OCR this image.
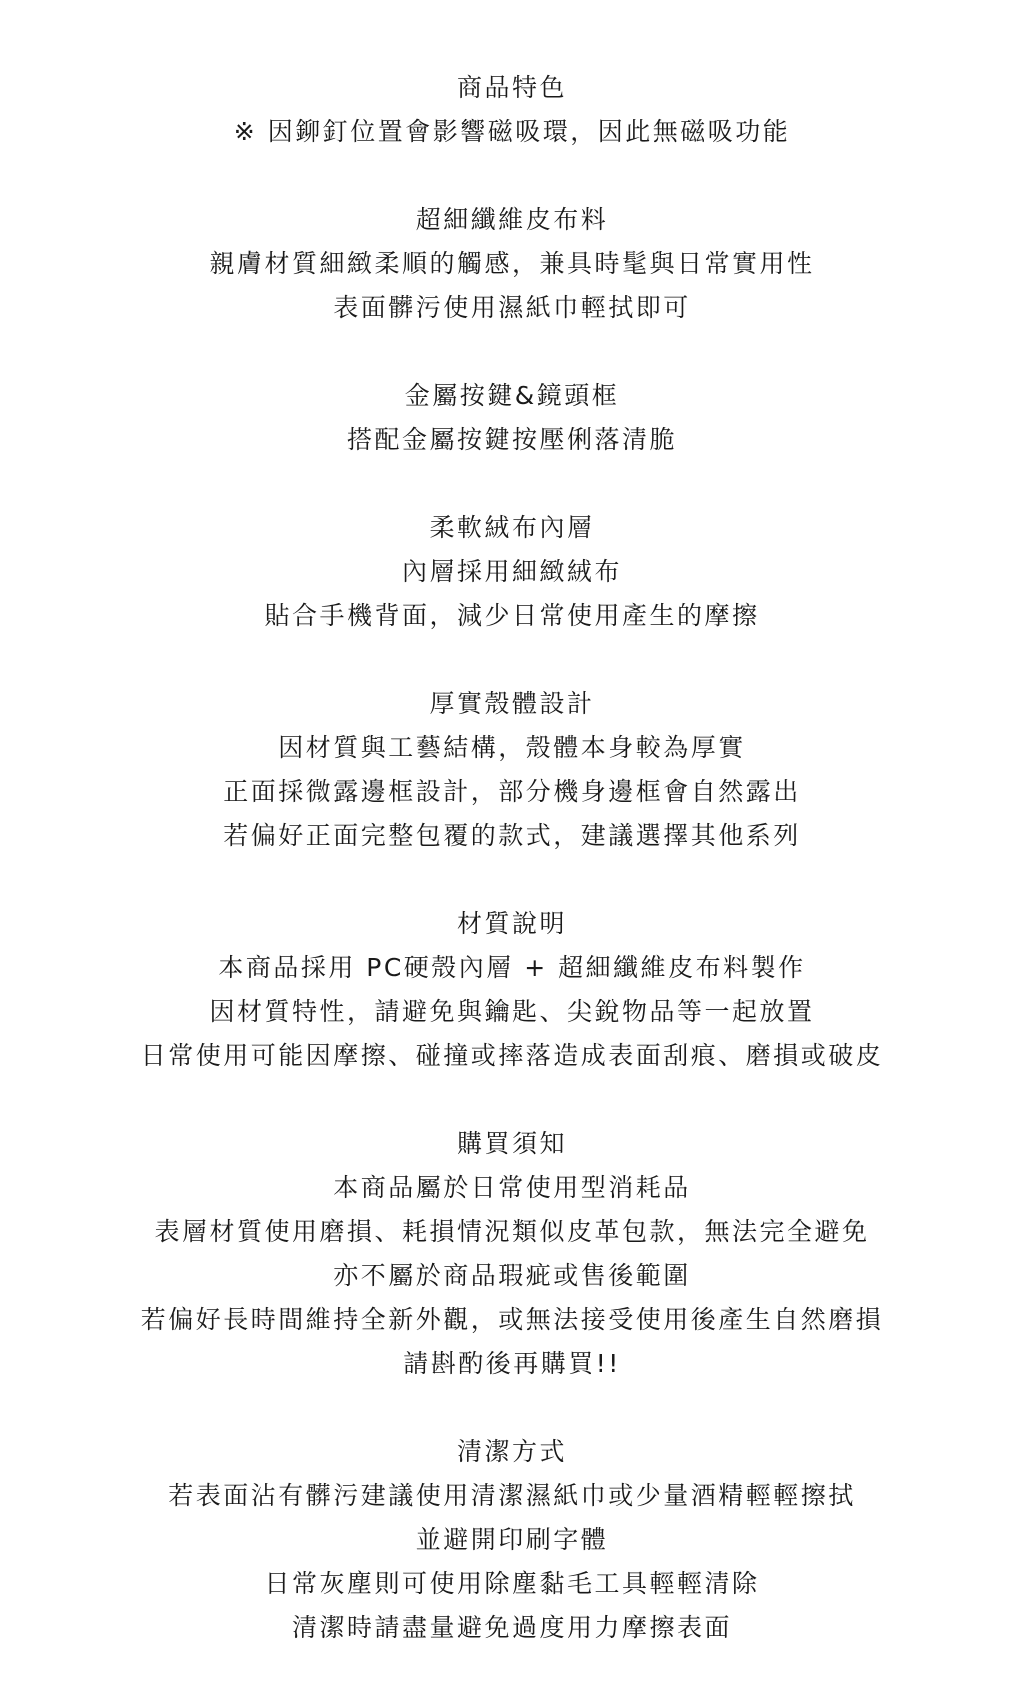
商品特色
※ 因鉚釘位置會影響磁吸環，因此無磁吸功能
超細纖維皮布料
親膚材質細緻柔順的觸感，兼具時髦與日常實用性
表面髒污使用濕紙巾輕拭即可
金屬按鍵&鏡頭框
搭配金屬按鍵按壓俐落清脆
柔軟絨布內層
內層採用細緻絨布
貼合手機背面，減少日常使用產生的摩擦
厚實殼體設計
因材質與工藝結構，殼體本身較為厚實
正面採微露邊框設計，部分機身邊框會自然露出
若偏好正面完整包覆的款式，建議選擇其他系列
材質說明
本商品採用 PC硬殼內層 + 超細纖維皮布料製作
因材質特性，請避免與鑰匙、尖銳物品等一起放置
日常使用可能因摩擦、碰撞或摔落造成表面刮痕、磨損或破皮
購買須知
本商品屬於日常使用型消耗品
表層材質使用磨損、耗損情況類似皮革包款，無法完全避免
亦不屬於商品瑕疵或售後範圍
若偏好長時間維持全新外觀，或無法接受使用後產生自然磨損
請斟酌後再購買!!
清潔方式
若表面沾有髒污建議使用清潔濕紙巾或少量酒精輕輕擦拭
並避開印刷字體
日常灰塵則可使用除塵黏毛工具輕輕清除
清潔時請盡量避免過度用力摩擦表面
